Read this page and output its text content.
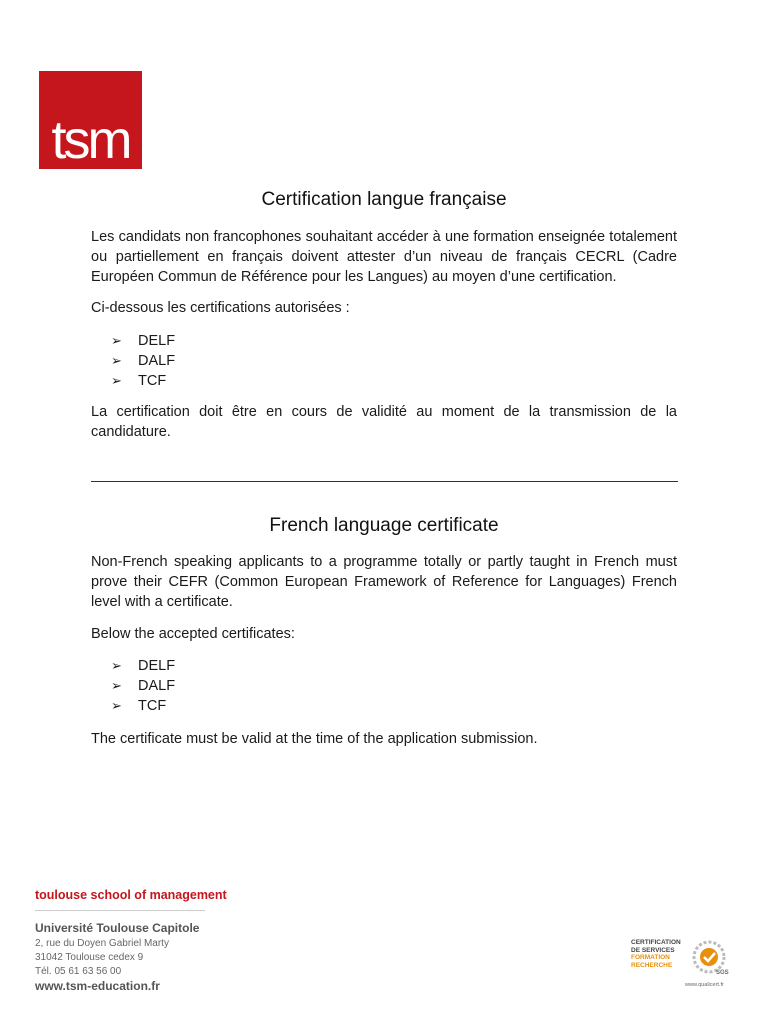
tsm
Certification langue française

Les candidats non francophones souhaitant accéder à une formation enseignée totalement ou partiellement en français doivent attester d’un niveau de français CECRL (Cadre Européen Commun de Référence pour les Langues) au moyen d’une certification.

Ci-dessous les certifications autorisées :

➢ DELF
➢ DALF
➢ TCF

La certification doit être en cours de validité au moment de la transmission de la candidature.

French language certificate

Non-French speaking applicants to a programme totally or partly taught in French must prove their CEFR (Common European Framework of Reference for Languages) French level with a certificate.

Below the accepted certificates:

➢ DELF
➢ DALF
➢ TCF

The certificate must be valid at the time of the application submission.

toulouse school of management
Université Toulouse Capitole
2, rue du Doyen Gabriel Marty
31042 Toulouse cedex 9
Tél. 05 61 63 56 00
www.tsm-education.fr
CERTIFICATION
DE SERVICES
FORMATION
RECHERCHE
SGS
www.qualicert.fr
